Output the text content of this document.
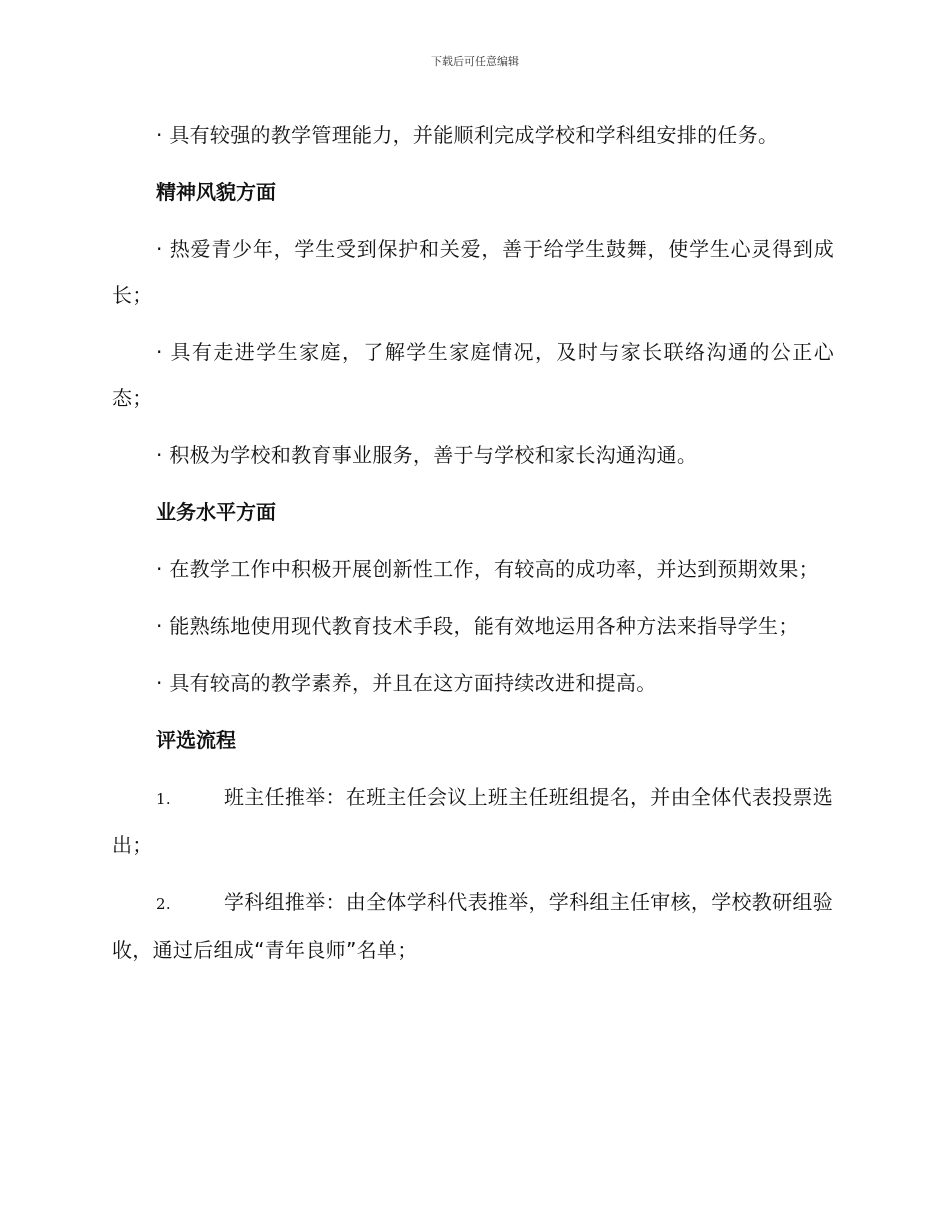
下载后可任意编辑

· 具有较强的教学管理能力，并能顺利完成学校和学科组安排的任务。

精神风貌方面

· 热爱青少年，学生受到保护和关爱，善于给学生鼓舞，使学生心灵得到成长；

· 具有走进学生家庭，了解学生家庭情况，及时与家长联络沟通的公正心态；

· 积极为学校和教育事业服务，善于与学校和家长沟通沟通。

业务水平方面

· 在教学工作中积极开展创新性工作，有较高的成功率，并达到预期效果；

· 能熟练地使用现代教育技术手段，能有效地运用各种方法来指导学生；

· 具有较高的教学素养，并且在这方面持续改进和提高。

评选流程

1.	班主任推举：在班主任会议上班主任班组提名，并由全体代表投票选出；

2.	学科组推举：由全体学科代表推举，学科组主任审核，学校教研组验收，通过后组成“青年良师”名单；
